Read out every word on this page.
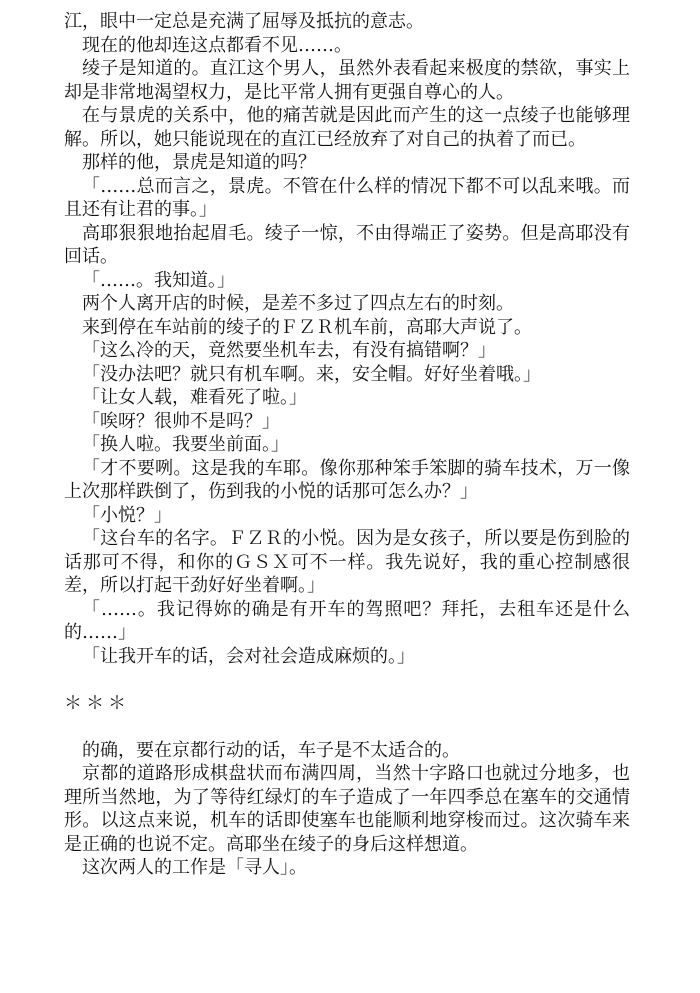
江，眼中一定总是充满了屈辱及抵抗的意志。

现在的他却连这点都看不见……。

绫子是知道的。直江这个男人，虽然外表看起来极度的禁欲，事实上却是非常地渴望权力，是比平常人拥有更强自尊心的人。

在与景虎的关系中，他的痛苦就是因此而产生的这一点绫子也能够理解。所以，她只能说现在的直江已经放弃了对自己的执着了而已。

那样的他，景虎是知道的吗？

「……总而言之，景虎。不管在什么样的情况下都不可以乱来哦。而且还有让君的事。」

高耶狠狠地抬起眉毛。绫子一惊，不由得端正了姿势。但是高耶没有回话。

「……。我知道。」

两个人离开店的时候，是差不多过了四点左右的时刻。

来到停在车站前的绫子的ＦＺＲ机车前，高耶大声说了。

「这么冷的天，竟然要坐机车去，有没有搞错啊？」

「没办法吧？就只有机车啊。来，安全帽。好好坐着哦。」

「让女人载，难看死了啦。」

「唉呀？很帅不是吗？」

「换人啦。我要坐前面。」

「才不要咧。这是我的车耶。像你那种笨手笨脚的骑车技术，万一像上次那样跌倒了，伤到我的小悦的话那可怎么办？」

「小悦？」

「这台车的名字。ＦＺＲ的小悦。因为是女孩子，所以要是伤到脸的话那可不得，和你的ＧＳＸ可不一样。我先说好，我的重心控制感很差，所以打起干劲好好坐着啊。」

「……。我记得妳的确是有开车的驾照吧？拜托，去租车还是什么的……」

「让我开车的话，会对社会造成麻烦的。」

＊＊＊

的确，要在京都行动的话，车子是不太适合的。

京都的道路形成棋盘状而布满四周，当然十字路口也就过分地多，也理所当然地，为了等待红绿灯的车子造成了一年四季总在塞车的交通情形。以这点来说，机车的话即使塞车也能顺利地穿梭而过。这次骑车来是正确的也说不定。高耶坐在绫子的身后这样想道。

这次两人的工作是「寻人」。
